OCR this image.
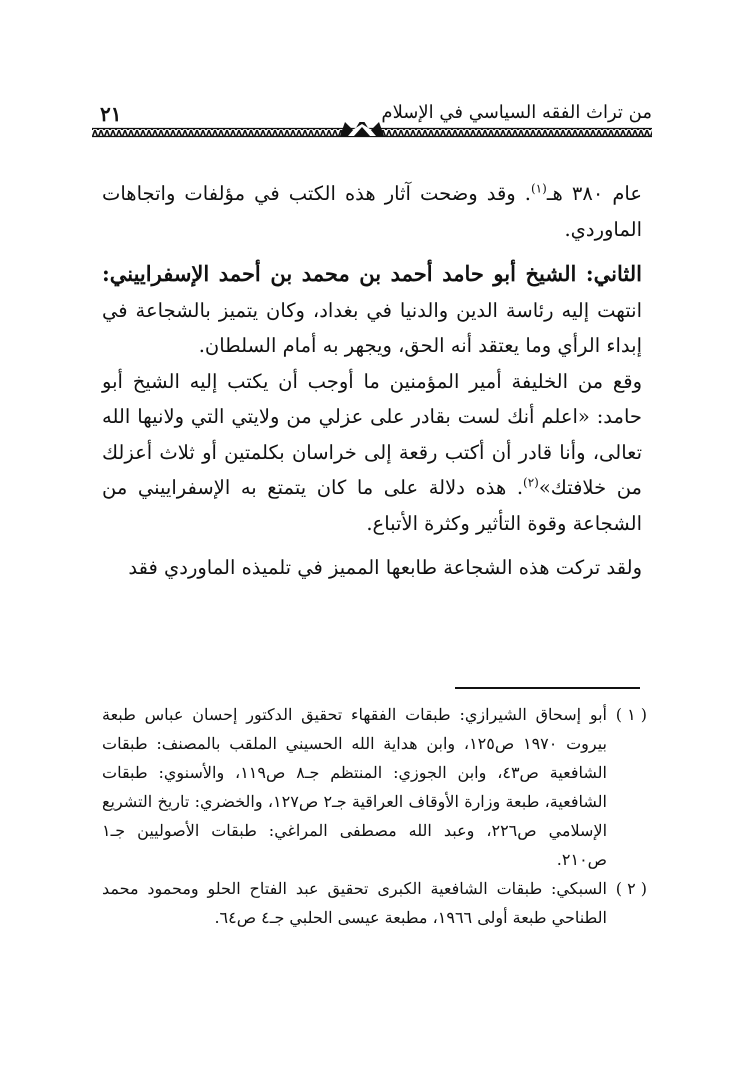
٢١	من تراث الفقه السياسي في الإسلام

عام ٣٨٠ هـ$^{(١)}$. وقد وضحت آثار هذه الكتب في مؤلفات واتجاهات الماوردي.

الثاني: الشيخ أبو حامد أحمد بن محمد بن أحمد الإسفراييني: انتهت إليه رئاسة الدين والدنيا في بغداد، وكان يتميز بالشجاعة في إبداء الرأي وما يعتقد أنه الحق، ويجهر به أمام السلطان.

وقع من الخليفة أمير المؤمنين ما أوجب أن يكتب إليه الشيخ أبو حامد: «اعلم أنك لست بقادر على عزلي من ولايتي التي ولانيها الله تعالى، وأنا قادر أن أكتب رقعة إلى خراسان بكلمتين أو ثلاث أعزلك من خلافتك»$^{(٢)}$. هذه دلالة على ما كان يتمتع به الإسفراييني من الشجاعة وقوة التأثير وكثرة الأتباع.

ولقد تركت هذه الشجاعة طابعها المميز في تلميذه الماوردي فقد

( ١ )
أبو إسحاق الشيرازي: طبقات الفقهاء تحقيق الدكتور إحسان عباس طبعة بيروت ١٩٧٠ ص١٢٥، وابن هداية الله الحسيني الملقب بالمصنف: طبقات الشافعية ص٤٣، وابن الجوزي: المنتظم جـ٨ ص١١٩، والأسنوي: طبقات الشافعية، طبعة وزارة الأوقاف العراقية جـ٢ ص١٢٧، والخضري: تاريخ التشريع الإسلامي ص٢٢٦، وعبد الله مصطفى المراغي: طبقات الأصوليين جـ١ ص٢١٠.
( ٢ )
السبكي: طبقات الشافعية الكبرى تحقيق عبد الفتاح الحلو ومحمود محمد الطناحي طبعة أولى ١٩٦٦، مطبعة عيسى الحلبي جـ٤ ص٦٤.
